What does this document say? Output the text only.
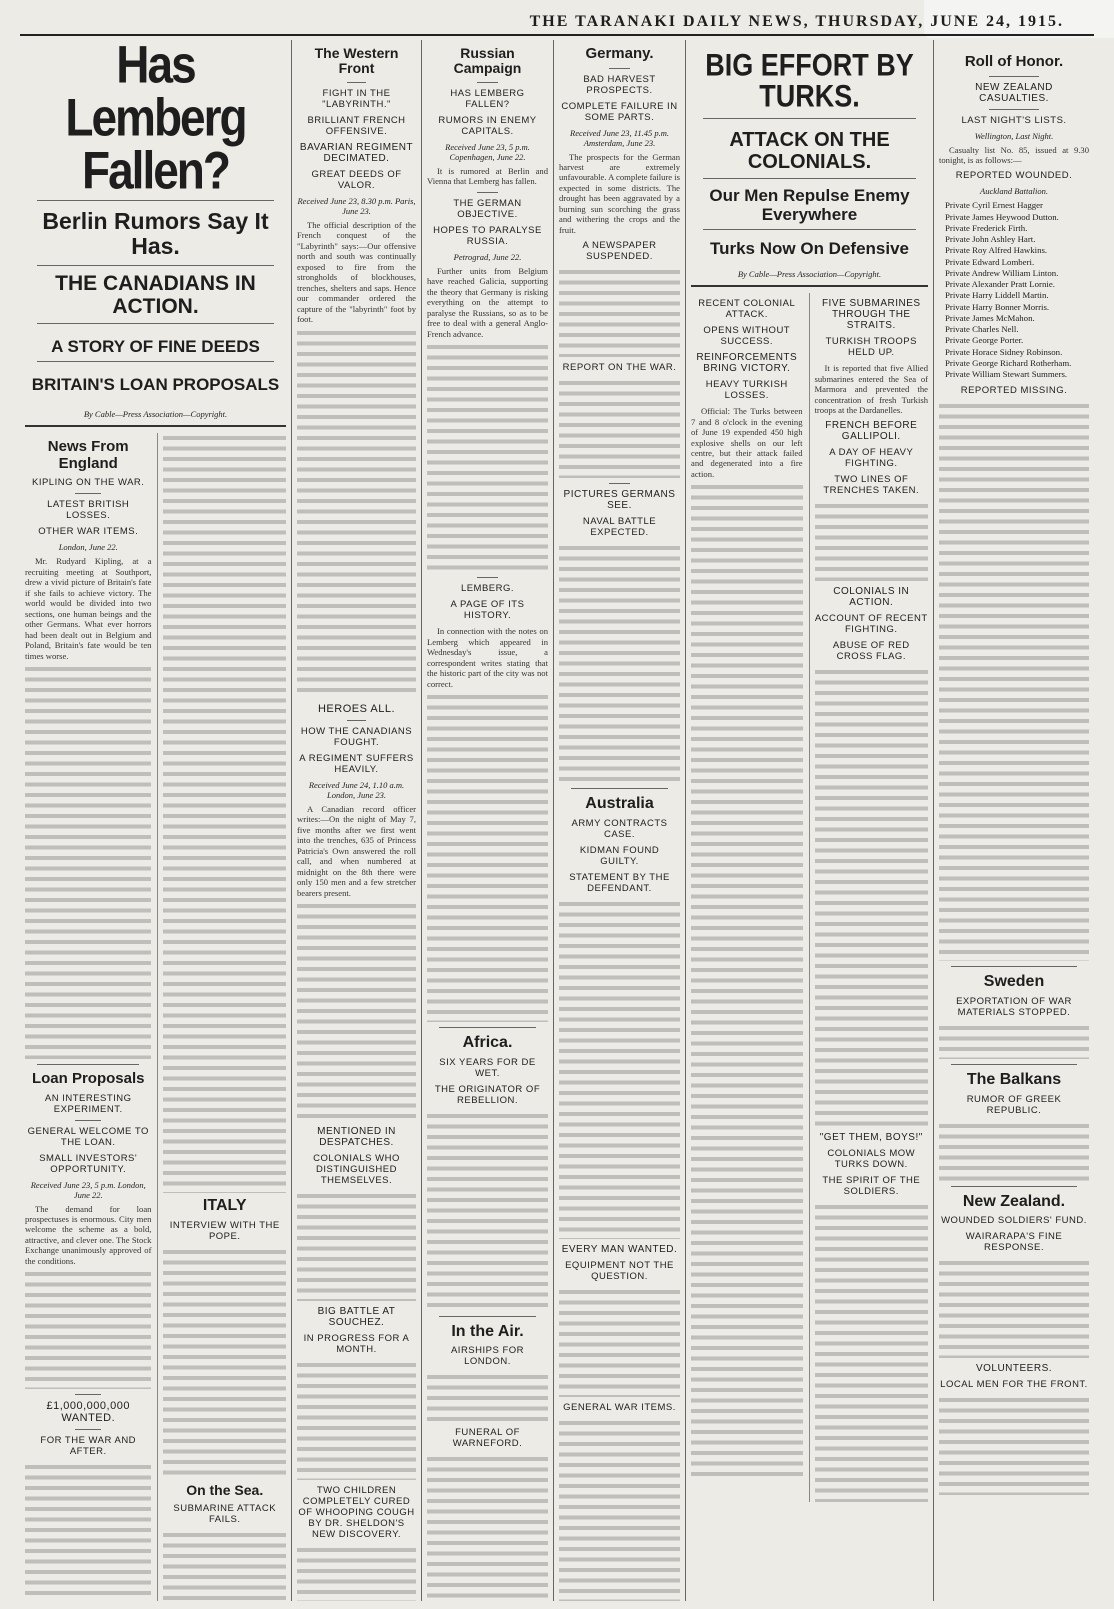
THE TARANAKI DAILY NEWS, THURSDAY, JUNE 24, 1915.
Has Lemberg Fallen?
Berlin Rumors Say It Has.
THE CANADIANS IN ACTION.
A STORY OF FINE DEEDS
BRITAIN'S LOAN PROPOSALS
By Cable—Press Association—Copyright.
News From England
KIPLING ON THE WAR.
LATEST BRITISH LOSSES.
OTHER WAR ITEMS.
London, June 22.

Mr. Rudyard Kipling, at a recruiting meeting at Southport, drew a vivid picture of Britain's fate if she fails to achieve victory. The world would be divided into two sections, one human beings and the other Germans. What ever horrors had been dealt out in Belgium and Poland, Britain's fate would be ten times worse.

Loan Proposals
AN INTERESTING EXPERIMENT.
GENERAL WELCOME TO THE LOAN.
SMALL INVESTORS' OPPORTUNITY.
Received June 23, 5 p.m. London, June 22.

The demand for loan prospectuses is enormous. City men welcome the scheme as a bold, attractive, and clever one. The Stock Exchange unanimously approved of the conditions.

£1,000,000,000 WANTED.
FOR THE WAR AND AFTER.
ITALY
INTERVIEW WITH THE POPE.
On the Sea.
SUBMARINE ATTACK FAILS.
The Western Front
FIGHT IN THE "LABYRINTH."
BRILLIANT FRENCH OFFENSIVE.
BAVARIAN REGIMENT DECIMATED.
GREAT DEEDS OF VALOR.
Received June 23, 8.30 p.m. Paris, June 23.

The official description of the French conquest of the "Labyrinth" says:—Our offensive north and south was continually exposed to fire from the strongholds of blockhouses, trenches, shelters and saps. Hence our commander ordered the capture of the "labyrinth" foot by foot.

HEROES ALL.
HOW THE CANADIANS FOUGHT.
A REGIMENT SUFFERS HEAVILY.
Received June 24, 1.10 a.m. London, June 23.

A Canadian record officer writes:—On the night of May 7, five months after we first went into the trenches, 635 of Princess Patricia's Own answered the roll call, and when numbered at midnight on the 8th there were only 150 men and a few stretcher bearers present.

MENTIONED IN DESPATCHES.
COLONIALS WHO DISTINGUISHED THEMSELVES.
BIG BATTLE AT SOUCHEZ.
IN PROGRESS FOR A MONTH.
TWO CHILDREN COMPLETELY CURED OF WHOOPING COUGH BY DR. SHELDON'S NEW DISCOVERY.
Russian Campaign
HAS LEMBERG FALLEN?
RUMORS IN ENEMY CAPITALS.
Received June 23, 5 p.m. Copenhagen, June 22.

It is rumored at Berlin and Vienna that Lemberg has fallen.

THE GERMAN OBJECTIVE.
HOPES TO PARALYSE RUSSIA.
Petrograd, June 22.

Further units from Belgium have reached Galicia, supporting the theory that Germany is risking everything on the attempt to paralyse the Russians, so as to be free to deal with a general Anglo-French advance.

LEMBERG.
A PAGE OF ITS HISTORY.

In connection with the notes on Lemberg which appeared in Wednesday's issue, a correspondent writes stating that the historic part of the city was not correct.

Africa.
SIX YEARS FOR DE WET.
THE ORIGINATOR OF REBELLION.
In the Air.
AIRSHIPS FOR LONDON.
FUNERAL OF WARNEFORD.
Germany.
BAD HARVEST PROSPECTS.
COMPLETE FAILURE IN SOME PARTS.
Received June 23, 11.45 p.m. Amsterdam, June 23.

The prospects for the German harvest are extremely unfavourable. A complete failure is expected in some districts. The drought has been aggravated by a burning sun scorching the grass and withering the crops and the fruit.

A NEWSPAPER SUSPENDED.
REPORT ON THE WAR.
PICTURES GERMANS SEE.
NAVAL BATTLE EXPECTED.
Australia
ARMY CONTRACTS CASE.
KIDMAN FOUND GUILTY.
STATEMENT BY THE DEFENDANT.
EVERY MAN WANTED.
EQUIPMENT NOT THE QUESTION.
GENERAL WAR ITEMS.
BIG EFFORT BY TURKS.
ATTACK ON THE COLONIALS.
Our Men Repulse Enemy Everywhere
Turks Now On Defensive
By Cable—Press Association—Copyright.
RECENT COLONIAL ATTACK.
OPENS WITHOUT SUCCESS.
REINFORCEMENTS BRING VICTORY.
HEAVY TURKISH LOSSES.

Official: The Turks between 7 and 8 o'clock in the evening of June 19 expended 450 high explosive shells on our left centre, but their attack failed and degenerated into a fire action.

FIVE SUBMARINES THROUGH THE STRAITS.
TURKISH TROOPS HELD UP.

It is reported that five Allied submarines entered the Sea of Marmora and prevented the concentration of fresh Turkish troops at the Dardanelles.

FRENCH BEFORE GALLIPOLI.
A DAY OF HEAVY FIGHTING.
TWO LINES OF TRENCHES TAKEN.
COLONIALS IN ACTION.
ACCOUNT OF RECENT FIGHTING.
ABUSE OF RED CROSS FLAG.
"GET THEM, BOYS!"
COLONIALS MOW TURKS DOWN.
THE SPIRIT OF THE SOLDIERS.
Roll of Honor.
NEW ZEALAND CASUALTIES.
LAST NIGHT'S LISTS.
Wellington, Last Night.

Casualty list No. 85, issued at 9.30 tonight, is as follows:—

REPORTED WOUNDED.
Auckland Battalion.
Private Cyril Ernest Hagger
Private James Heywood Dutton.
Private Frederick Firth.
Private John Ashley Hart.
Private Roy Alfred Hawkins.
Private Edward Lomberi.
Private Andrew William Linton.
Private Alexander Pratt Lornie.
Private Harry Liddell Martin.
Private Harry Bonner Morris.
Private James McMahon.
Private Charles Nell.
Private George Porter.
Private Horace Sidney Robinson.
Private George Richard Rotherham.
Private William Stewart Summers.
REPORTED MISSING.
Sweden
EXPORTATION OF WAR MATERIALS STOPPED.
The Balkans
RUMOR OF GREEK REPUBLIC.
New Zealand.
WOUNDED SOLDIERS' FUND.
WAIRARAPA'S FINE RESPONSE.
VOLUNTEERS.
LOCAL MEN FOR THE FRONT.
